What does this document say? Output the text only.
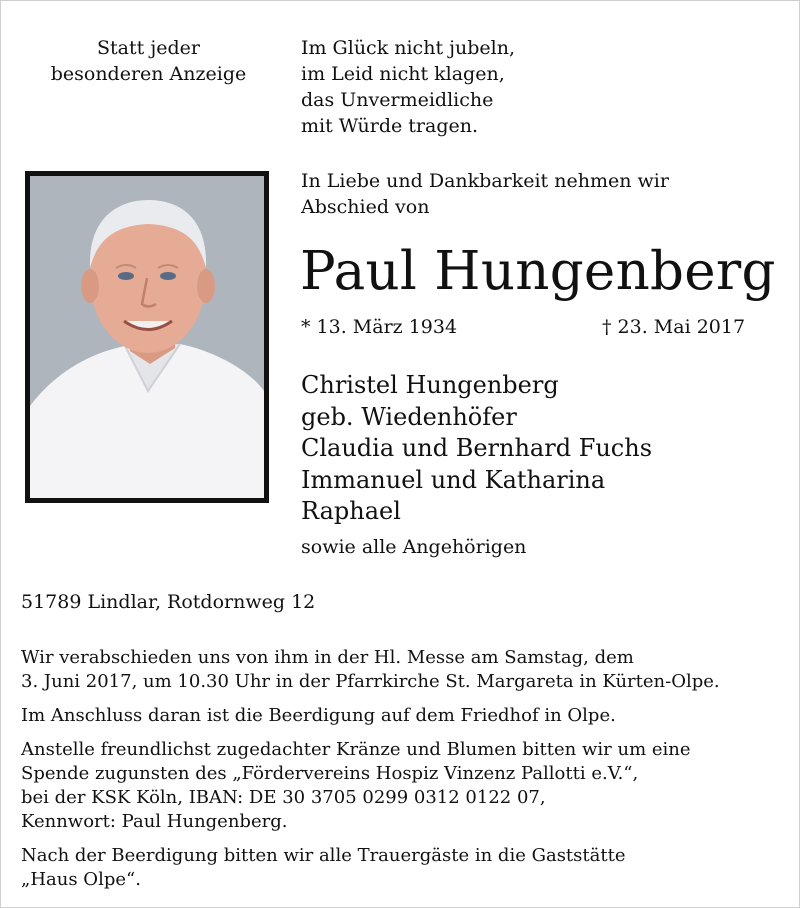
Statt jeder
besonderen Anzeige
Im Glück nicht jubeln,
im Leid nicht klagen,
das Unvermeidliche
mit Würde tragen.
In Liebe und Dankbarkeit nehmen wir
Abschied von
Paul Hungenberg
* 13. März 1934	† 23. Mai 2017
Christel Hungenberg
geb. Wiedenhöfer
Claudia und Bernhard Fuchs
Immanuel und Katharina
Raphael
sowie alle Angehörigen
51789 Lindlar, Rotdornweg 12
Wir verabschieden uns von ihm in der Hl. Messe am Samstag, dem
3. Juni 2017, um 10.30 Uhr in der Pfarrkirche St. Margareta in Kürten-Olpe.
Im Anschluss daran ist die Beerdigung auf dem Friedhof in Olpe.
Anstelle freundlichst zugedachter Kränze und Blumen bitten wir um eine
Spende zugunsten des „Fördervereins Hospiz Vinzenz Pallotti e.V.“,
bei der KSK Köln, IBAN: DE 30 3705 0299 0312 0122 07,
Kennwort: Paul Hungenberg.
Nach der Beerdigung bitten wir alle Trauergäste in die Gaststätte
„Haus Olpe“.
